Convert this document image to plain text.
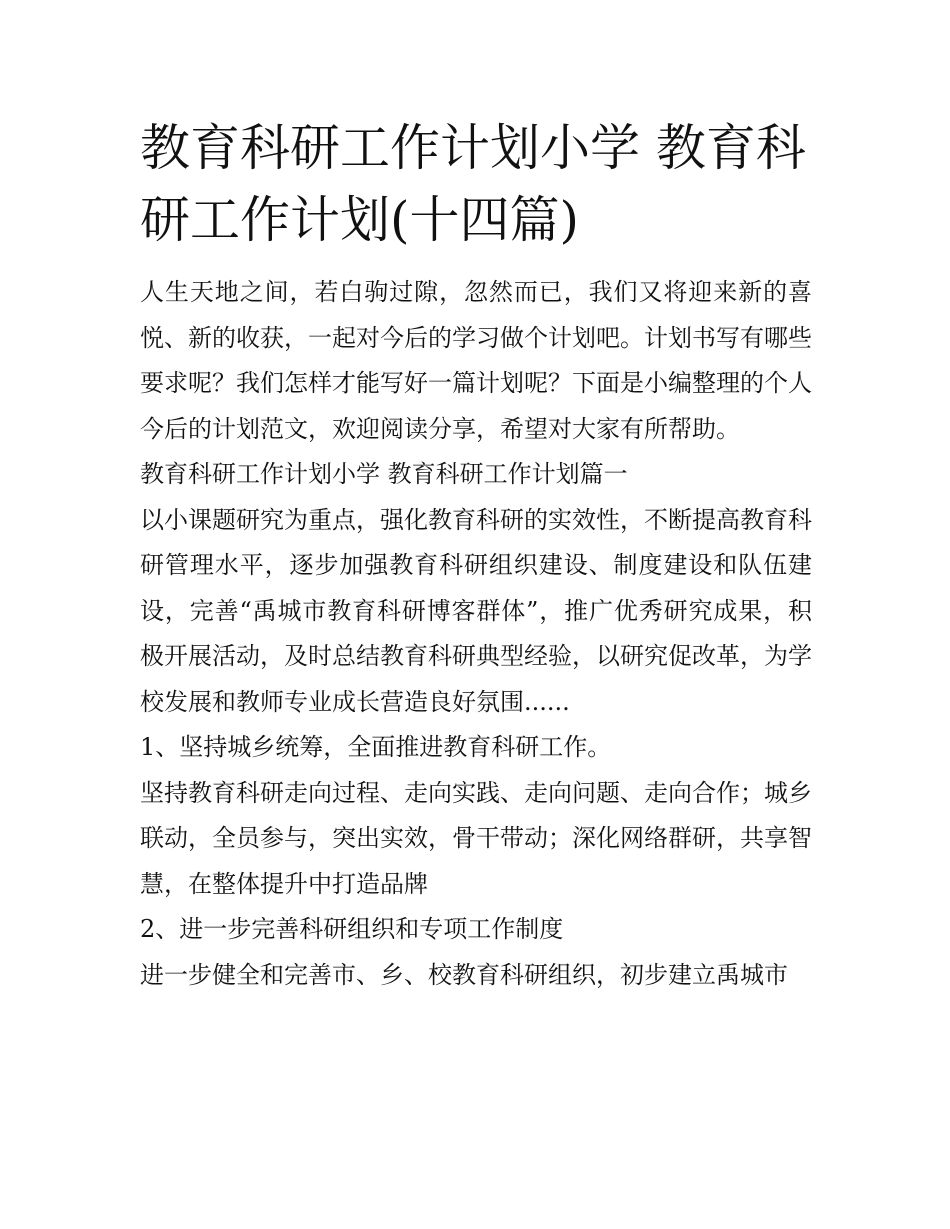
教育科研工作计划小学 教育科研工作计划(十四篇)

人生天地之间，若白驹过隙，忽然而已，我们又将迎来新的喜悦、新的收获，一起对今后的学习做个计划吧。计划书写有哪些要求呢？我们怎样才能写好一篇计划呢？下面是小编整理的个人今后的计划范文，欢迎阅读分享，希望对大家有所帮助。

教育科研工作计划小学 教育科研工作计划篇一

以小课题研究为重点，强化教育科研的实效性，不断提高教育科研管理水平，逐步加强教育科研组织建设、制度建设和队伍建设，完善“禹城市教育科研博客群体”，推广优秀研究成果，积极开展活动，及时总结教育科研典型经验，以研究促改革，为学校发展和教师专业成长营造良好氛围......

1、坚持城乡统筹，全面推进教育科研工作。

坚持教育科研走向过程、走向实践、走向问题、走向合作；城乡联动，全员参与，突出实效，骨干带动；深化网络群研，共享智慧，在整体提升中打造品牌

2、进一步完善科研组织和专项工作制度

进一步健全和完善市、乡、校教育科研组织，初步建立禹城市
